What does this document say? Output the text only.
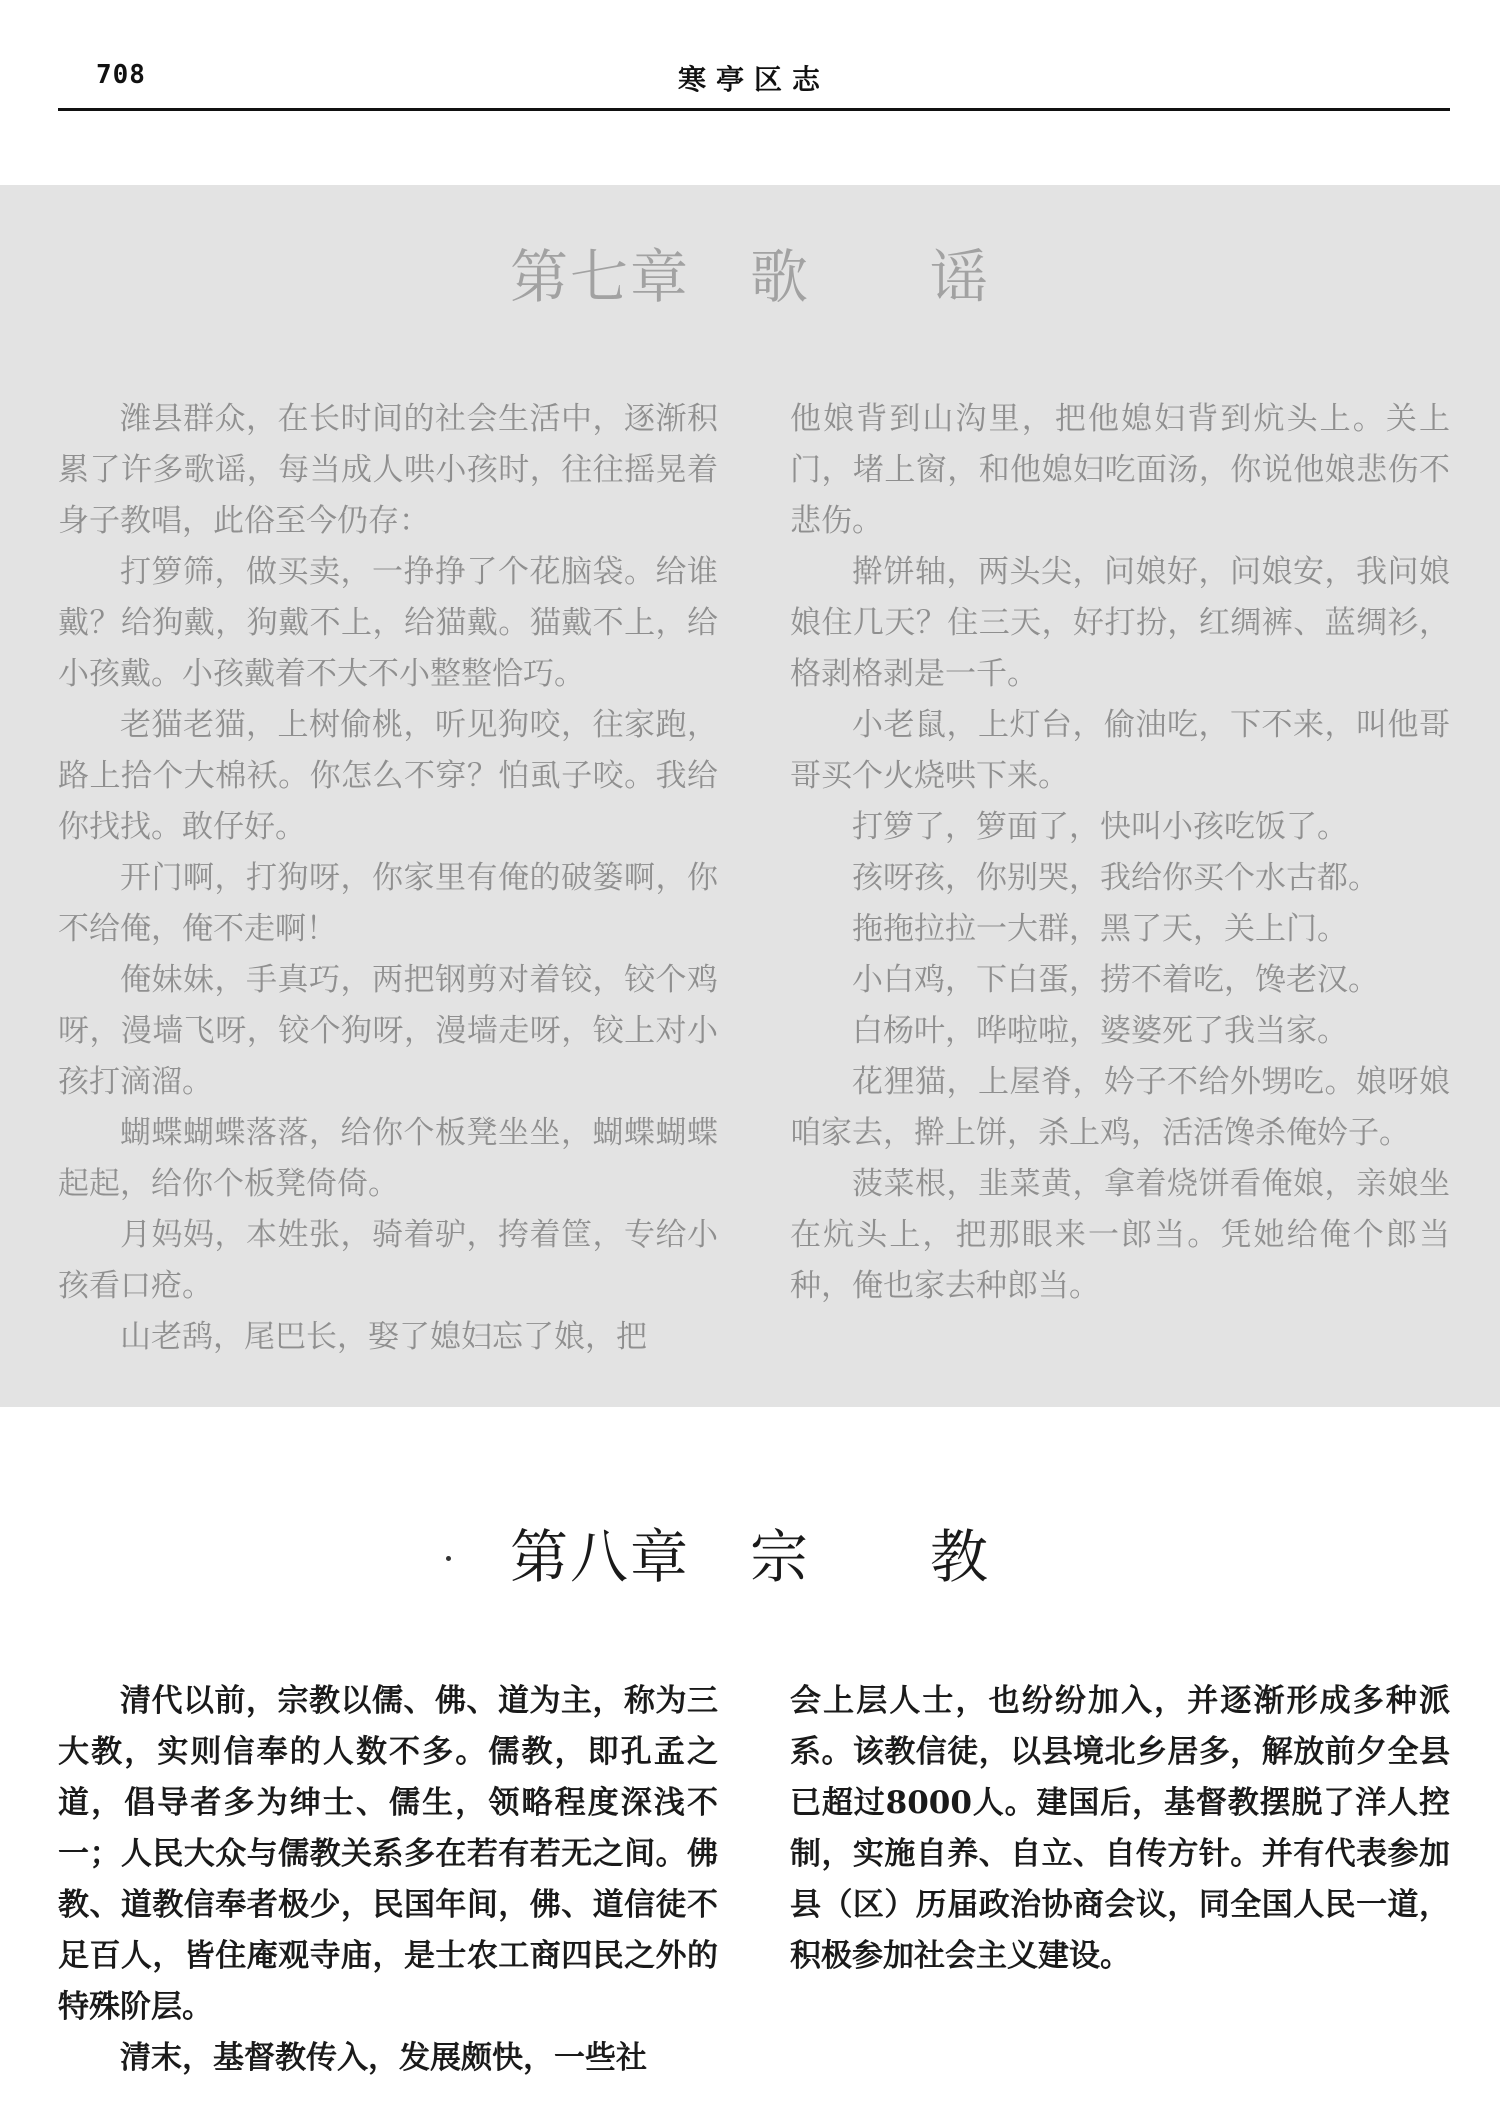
708	寒亭区志
第七章　歌　　谣

潍县群众，在长时间的社会生活中，逐渐积累了许多歌谣，每当成人哄小孩时，往往摇晃着身子教唱，此俗至今仍存：

打箩筛，做买卖，一挣挣了个花脑袋。给谁戴？给狗戴，狗戴不上，给猫戴。猫戴不上，给小孩戴。小孩戴着不大不小整整恰巧。

老猫老猫，上树偷桃，听见狗咬，往家跑，路上拾个大棉袄。你怎么不穿？怕虱子咬。我给你找找。敢仔好。

开门啊，打狗呀，你家里有俺的破篓啊，你不给俺，俺不走啊！

俺妹妹，手真巧，两把钢剪对着铰，铰个鸡呀，漫墙飞呀，铰个狗呀，漫墙走呀，铰上对小孩打滴溜。

蝴蝶蝴蝶落落，给你个板凳坐坐，蝴蝶蝴蝶起起，给你个板凳倚倚。

月妈妈，本姓张，骑着驴，挎着筐，专给小孩看口疮。

山老鸹，尾巴长，娶了媳妇忘了娘，把

他娘背到山沟里，把他媳妇背到炕头上。关上门，堵上窗，和他媳妇吃面汤，你说他娘悲伤不悲伤。

擀饼轴，两头尖，问娘好，问娘安，我问娘娘住几天？住三天，好打扮，红绸裤、蓝绸衫，格剥格剥是一千。

小老鼠，上灯台，偷油吃，下不来，叫他哥哥买个火烧哄下来。

打箩了，箩面了，快叫小孩吃饭了。

孩呀孩，你别哭，我给你买个水古都。

拖拖拉拉一大群，黑了天，关上门。

小白鸡，下白蛋，捞不着吃，馋老汉。

白杨叶，哗啦啦，婆婆死了我当家。

花狸猫，上屋脊，妗子不给外甥吃。娘呀娘咱家去，擀上饼，杀上鸡，活活馋杀俺妗子。

菠菜根，韭菜黄，拿着烧饼看俺娘，亲娘坐在炕头上，把那眼来一郎当。凭她给俺个郎当种，俺也家去种郎当。

第八章　宗　　教

清代以前，宗教以儒、佛、道为主，称为三大教，实则信奉的人数不多。儒教，即孔孟之道，倡导者多为绅士、儒生，领略程度深浅不一；人民大众与儒教关系多在若有若无之间。佛教、道教信奉者极少，民国年间，佛、道信徒不足百人，皆住庵观寺庙，是士农工商四民之外的特殊阶层。

清末，基督教传入，发展颇快，一些社

会上层人士，也纷纷加入，并逐渐形成多种派系。该教信徒，以县境北乡居多，解放前夕全县已超过8000人。建国后，基督教摆脱了洋人控制，实施自养、自立、自传方针。并有代表参加县（区）历届政治协商会议，同全国人民一道，积极参加社会主义建设。
